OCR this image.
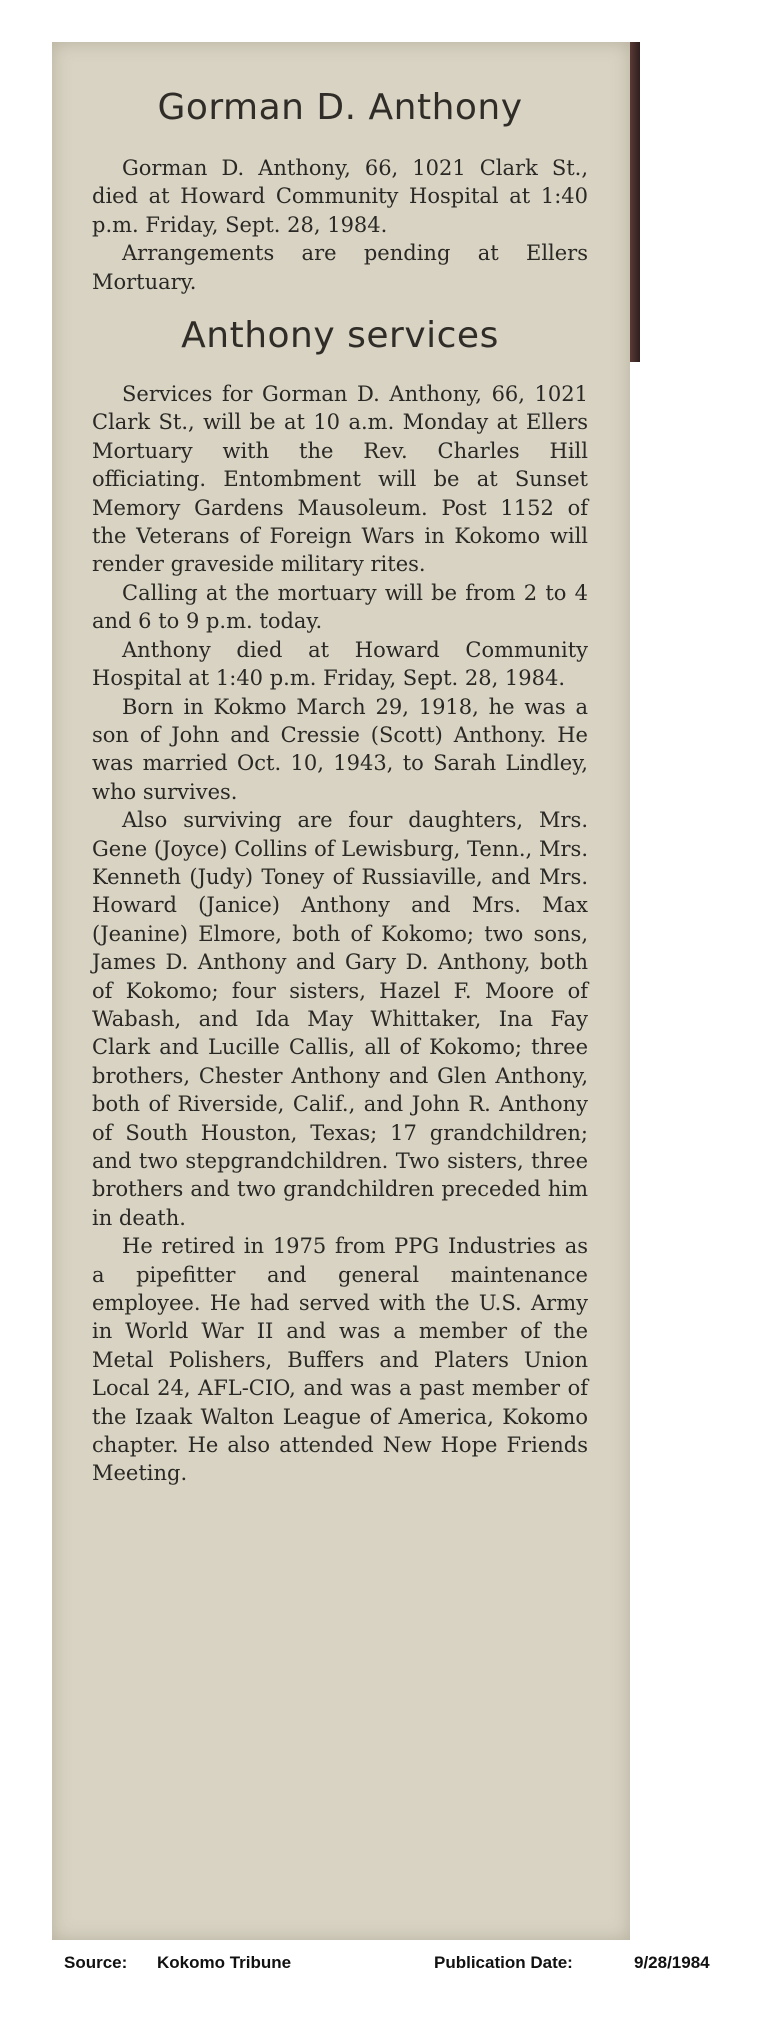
Gorman D. Anthony

Gorman D. Anthony, 66, 1021 Clark St., died at Howard Community Hospital at 1:40 p.m. Friday, Sept. 28, 1984.

Arrangements are pending at Ellers Mortuary.

Anthony services

Services for Gorman D. Anthony, 66, 1021 Clark St., will be at 10 a.m. Monday at Ellers Mortuary with the Rev. Charles Hill officiating. Entombment will be at Sunset Memory Gardens Mausoleum. Post 1152 of the Veterans of Foreign Wars in Kokomo will render graveside military rites.

Calling at the mortuary will be from 2 to 4 and 6 to 9 p.m. today.

Anthony died at Howard Community Hospital at 1:40 p.m. Friday, Sept. 28, 1984.

Born in Kokmo March 29, 1918, he was a son of John and Cressie (Scott) Anthony. He was married Oct. 10, 1943, to Sarah Lindley, who survives.

Also surviving are four daughters, Mrs. Gene (Joyce) Collins of Lewisburg, Tenn., Mrs. Kenneth (Judy) Toney of Russiaville, and Mrs. Howard (Janice) Anthony and Mrs. Max (Jeanine) Elmore, both of Kokomo; two sons, James D. Anthony and Gary D. Anthony, both of Kokomo; four sisters, Hazel F. Moore of Wabash, and Ida May Whittaker, Ina Fay Clark and Lucille Callis, all of Kokomo; three brothers, Chester Anthony and Glen Anthony, both of Riverside, Calif., and John R. Anthony of South Houston, Texas; 17 grandchildren; and two stepgrandchildren. Two sisters, three brothers and two grandchildren preceded him in death.

He retired in 1975 from PPG Industries as a pipefitter and general maintenance employee. He had served with the U.S. Army in World War II and was a member of the Metal Polishers, Buffers and Platers Union Local 24, AFL-CIO, and was a past member of the Izaak Walton League of America, Kokomo chapter. He also attended New Hope Friends Meeting.

Source: Kokomo Tribune	Publication Date:	9/28/1984
